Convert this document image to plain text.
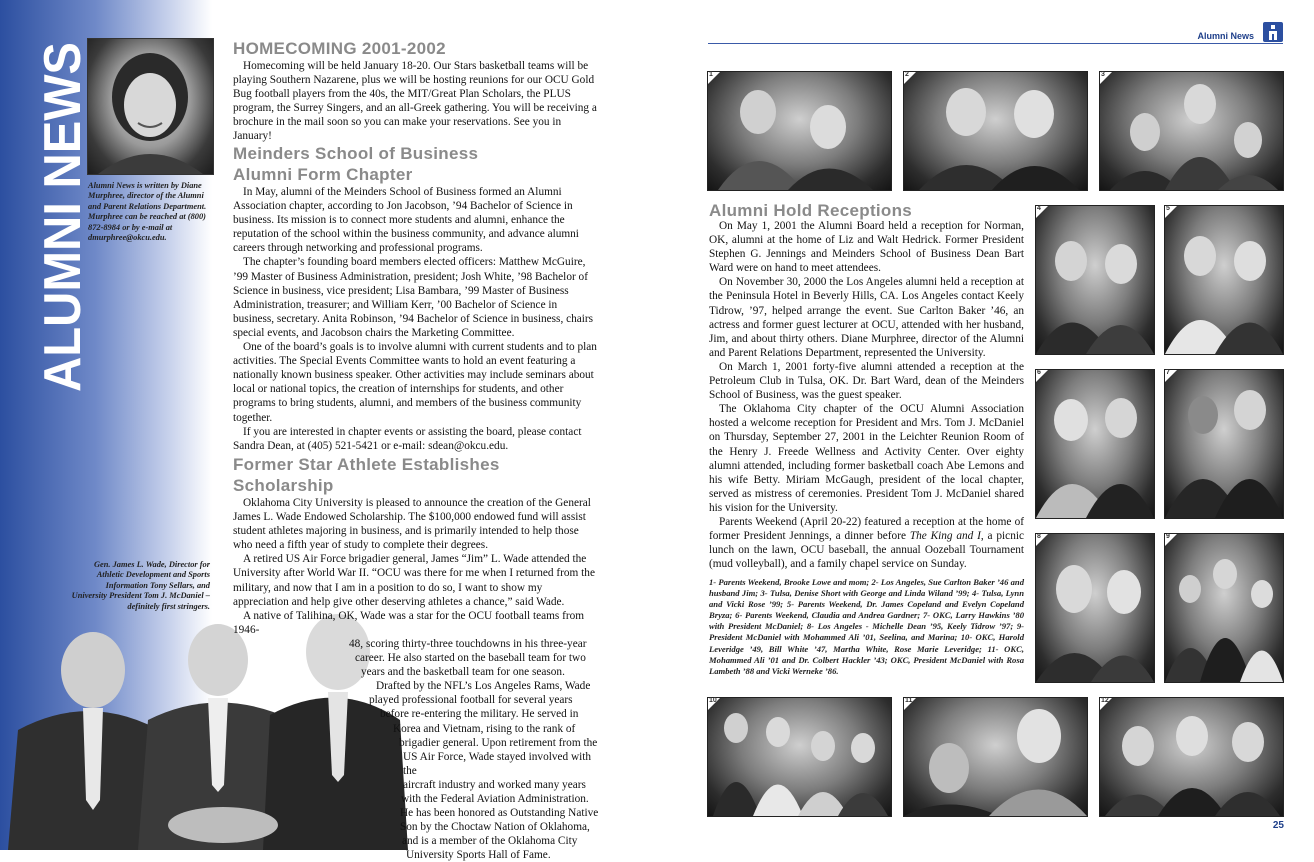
ALUMNI NEWS
Alumni News is written by Diane Murphree, director of the Alumni and Parent Relations Department. Murphree can be reached at (800) 872-8984 or by e-mail at dmurphree@okcu.edu.
Gen. James L. Wade, Director for Athletic Development and Sports Information Tony Sellars, and University President Tom J. McDaniel – definitely first stringers.
HOMECOMING 2001-2002

Homecoming will be held January 18-20. Our Stars basketball teams will be playing Southern Nazarene, plus we will be hosting reunions for our OCU Gold Bug football players from the 40s, the MIT/Great Plan Scholars, the PLUS program, the Surrey Singers, and an all-Greek gathering. You will be receiving a brochure in the mail soon so you can make your reservations. See you in January!

Meinders School of Business
Alumni Form Chapter

In May, alumni of the Meinders School of Business formed an Alumni Association chapter, according to Jon Jacobson, ’94 Bachelor of Science in business. Its mission is to connect more students and alumni, enhance the reputation of the school within the business community, and advance alumni careers through networking and professional programs.

The chapter’s founding board members elected officers: Matthew McGuire, ’99 Master of Business Administration, president; Josh White, ’98 Bachelor of Science in business, vice president; Lisa Bambara, ’99 Master of Business Administration, treasurer; and William Kerr, ’00 Bachelor of Science in business, secretary. Anita Robinson, ’94 Bachelor of Science in business, chairs special events, and Jacobson chairs the Marketing Committee.

One of the board’s goals is to involve alumni with current students and to plan activities. The Special Events Committee wants to hold an event featuring a nationally known business speaker. Other activities may include seminars about local or national topics, the creation of internships for students, and other programs to bring students, alumni, and members of the business community together.

If you are interested in chapter events or assisting the board, please contact Sandra Dean, at (405) 521-5421 or e-mail: sdean@okcu.edu.

Former Star Athlete Establishes Scholarship

Oklahoma City University is pleased to announce the creation of the General James L. Wade Endowed Scholarship. The $100,000 endowed fund will assist student athletes majoring in business, and is primarily intended to help those who need a fifth year of study to complete their degrees.

A retired US Air Force brigadier general, James “Jim” L. Wade attended the University after World War II. “OCU was there for me when I returned from the military, and now that I am in a position to do so, I want to show my appreciation and help give other deserving athletes a chance,” said Wade.

A native of Talihina, OK, Wade was a star for the OCU football teams from 1946-

48, scoring thirty-three touchdowns in his three-year
career. He also started on the baseball team for two
years and the basketball team for one season.
Drafted by the NFL’s Los Angeles Rams, Wade
played professional football for several years
before re-entering the military. He served in
Korea and Vietnam, rising to the rank of
brigadier general. Upon retirement from the
US Air Force, Wade stayed involved with the
aircraft industry and worked many years
with the Federal Aviation Administration.
He has been honored as Outstanding Native
Son by the Choctaw Nation of Oklahoma,
and is a member of the Oklahoma City
University Sports Hall of Fame.
Alumni News
1	2	3
4	5
6	7
8	9
10	11	12
Alumni Hold Receptions

On May 1, 2001 the Alumni Board held a reception for Norman, OK, alumni at the home of Liz and Walt Hedrick. Former President Stephen G. Jennings and Meinders School of Business Dean Bart Ward were on hand to meet attendees.

On November 30, 2000 the Los Angeles alumni held a reception at the Peninsula Hotel in Beverly Hills, CA. Los Angeles contact Keely Tidrow, ’97, helped arrange the event. Sue Carlton Baker ’46, an actress and former guest lecturer at OCU, attended with her husband, Jim, and about thirty others. Diane Murphree, director of the Alumni and Parent Relations Department, represented the University.

On March 1, 2001 forty-five alumni attended a reception at the Petroleum Club in Tulsa, OK. Dr. Bart Ward, dean of the Meinders School of Business, was the guest speaker.

The Oklahoma City chapter of the OCU Alumni Association hosted a welcome reception for President and Mrs. Tom J. McDaniel on Thursday, September 27, 2001 in the Leichter Reunion Room of the Henry J. Freede Wellness and Activity Center. Over eighty alumni attended, including former basketball coach Abe Lemons and his wife Betty. Miriam McGaugh, president of the local chapter, served as mistress of ceremonies. President Tom J. McDaniel shared his vision for the University.

Parents Weekend (April 20-22) featured a reception at the home of former President Jennings, a dinner before The King and I, a picnic lunch on the lawn, OCU baseball, the annual Oozeball Tournament (mud volleyball), and a family chapel service on Sunday.

1- Parents Weekend, Brooke Lowe and mom; 2- Los Angeles, Sue Carlton Baker ’46 and husband Jim; 3- Tulsa, Denise Short with George and Linda Wiland ’99; 4- Tulsa, Lynn and Vicki Rose ’99; 5- Parents Weekend, Dr. James Copeland and Evelyn Copeland Bryza; 6- Parents Weekend, Claudia and Andrea Gardner; 7- OKC, Larry Hawkins ’80 with President McDaniel; 8- Los Angeles - Michelle Dean ’95, Keely Tidrow ’97; 9- President McDaniel with Mohammed Ali ’01, Seelina, and Marina; 10- OKC, Harold Leveridge ’49, Bill White ’47, Martha White, Rose Marie Leveridge; 11- OKC, Mohammed Ali ’01 and Dr. Colbert Hackler ’43; OKC, President McDaniel with Rosa Lambeth ’88 and Vicki Werneke ’86.
25
